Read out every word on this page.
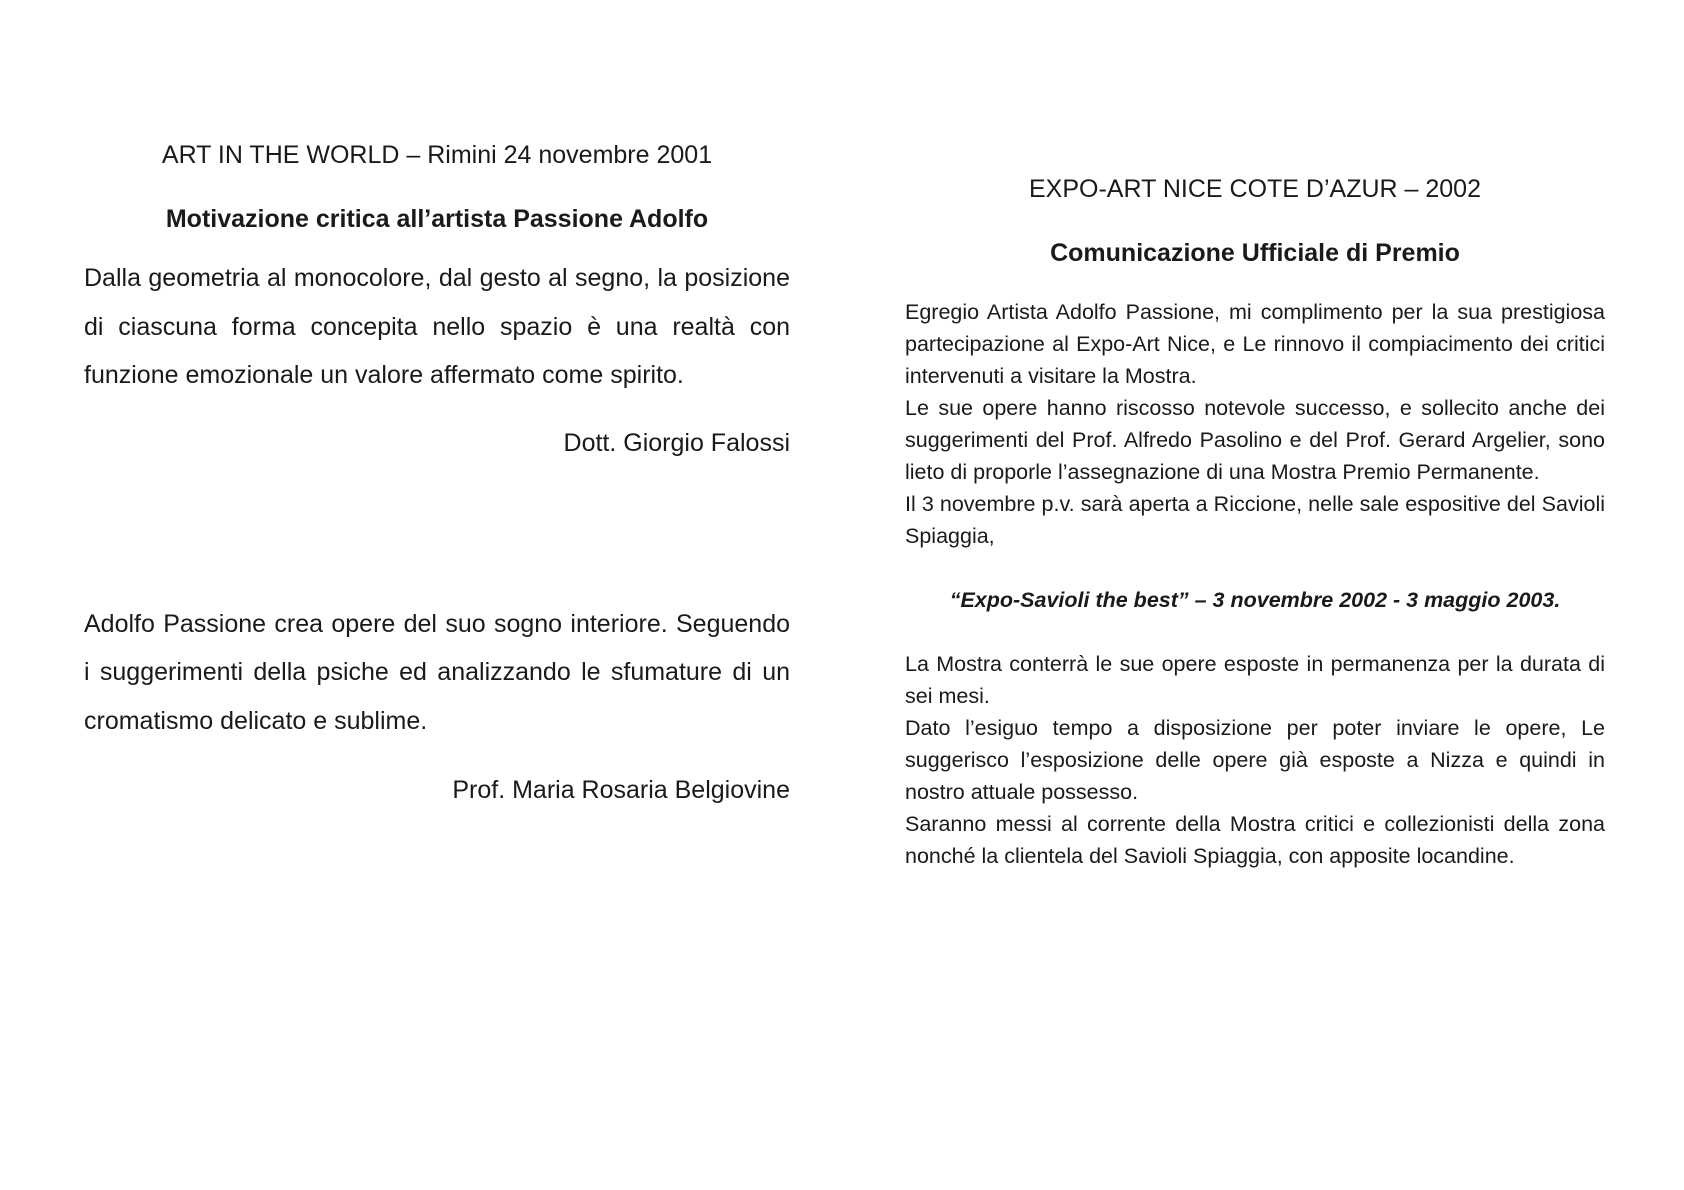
ART IN THE WORLD – Rimini 24 novembre 2001

Motivazione critica all’artista Passione Adolfo

Dalla geometria al monocolore, dal gesto al segno, la posizione di ciascuna forma concepita nello spazio è una realtà con funzione emozionale un valore affermato come spirito.

Dott. Giorgio Falossi

Adolfo Passione crea opere del suo sogno interiore. Seguendo i suggerimenti della psiche ed analizzando le sfumature di un cromatismo delicato e sublime.

Prof. Maria Rosaria Belgiovine

EXPO-ART NICE COTE D’AZUR – 2002

Comunicazione Ufficiale di Premio

Egregio Artista Adolfo Passione, mi complimento per la sua prestigiosa partecipazione al Expo-Art Nice, e Le rinnovo il compiacimento dei critici intervenuti a visitare la Mostra.

Le sue opere hanno riscosso notevole successo, e sollecito anche dei suggerimenti del Prof. Alfredo Pasolino e del Prof. Gerard Argelier, sono lieto di proporle l’assegnazione di una Mostra Premio Permanente.

Il 3 novembre p.v. sarà aperta a Riccione, nelle sale espositive del Savioli Spiaggia,

“Expo-Savioli the best” – 3 novembre 2002 - 3 maggio 2003.

La Mostra conterrà le sue opere esposte in permanenza per la durata di sei mesi.

Dato l’esiguo tempo a disposizione per poter inviare le opere, Le suggerisco l’esposizione delle opere già esposte a Nizza e quindi in nostro attuale possesso.

Saranno messi al corrente della Mostra critici e collezionisti della zona nonché la clientela del Savioli Spiaggia, con apposite locandine.
